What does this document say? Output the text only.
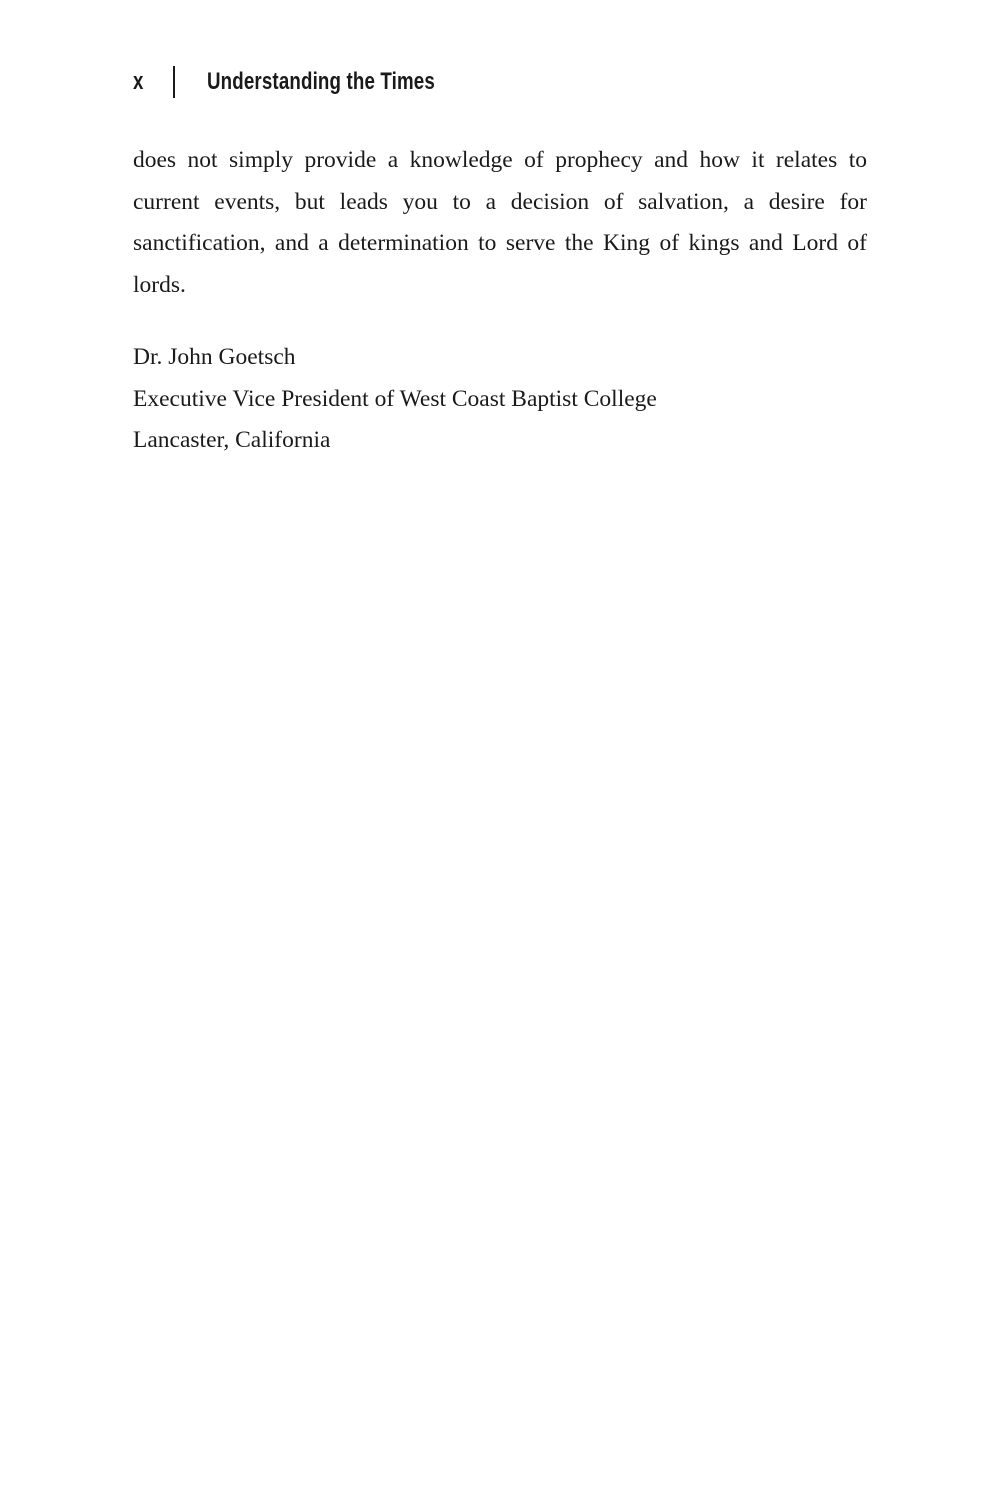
x	Understanding the Times

does not simply provide a knowledge of prophecy and how it relates to current events, but leads you to a decision of salvation, a desire for sanctification, and a determination to serve the King of kings and Lord of lords.

Dr. John Goetsch
Executive Vice President of West Coast Baptist College
Lancaster, California
